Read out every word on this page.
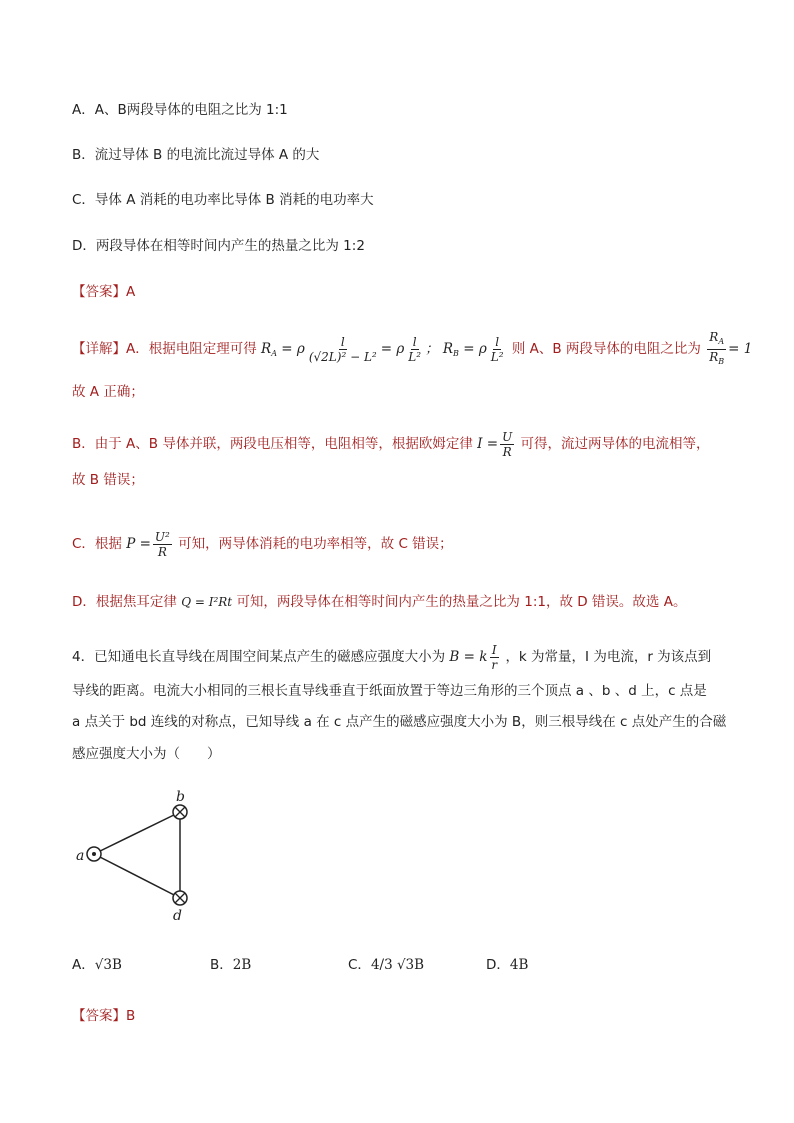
A．A、B两段导体的电阻之比为 1:1
B．流过导体 B 的电流比流过导体 A 的大
C．导体 A 消耗的电功率比导体 B 消耗的电功率大
D．两段导体在相等时间内产生的热量之比为 1:2
【答案】A
【详解】A．根据电阻定理可得 $R_A = \rho \frac{l}{\text{(√2L)² − L²}} = \rho \frac{l}{\text{L²}}$ ； $R_B = \rho \frac{l}{\text{L²}}$ 则 A、B 两段导体的电阻之比为 $\frac{R_A}{R_B} = 1$
故 A 正确；
B．由于 A、B 导体并联，两段电压相等，电阻相等，根据欧姆定律 $I = \frac{U}{R}$ 可得，流过两导体的电流相等，
故 B 错误；
C．根据 $P = \frac{\text{U²}}{R}$ 可知，两导体消耗的电功率相等，故 C 错误；
D．根据焦耳定律 Q = I²Rt 可知，两段导体在相等时间内产生的热量之比为 1:1，故 D 错误。故选 A。
4．已知通电长直导线在周围空间某点产生的磁感应强度大小为 B = k $\frac{I}{r}$ ，k 为常量，I 为电流，r 为该点到
导线的距离。电流大小相同的三根长直导线垂直于纸面放置于等边三角形的三个顶点 a 、b 、d 上，c 点是
a 点关于 bd 连线的对称点，已知导线 a 在 c 点产生的磁感应强度大小为 B，则三根导线在 c 点处产生的合磁
感应强度大小为（　　）
a
b
d
A．√3B	B．2B	C．4/3 √3B	D．4B
【答案】B
